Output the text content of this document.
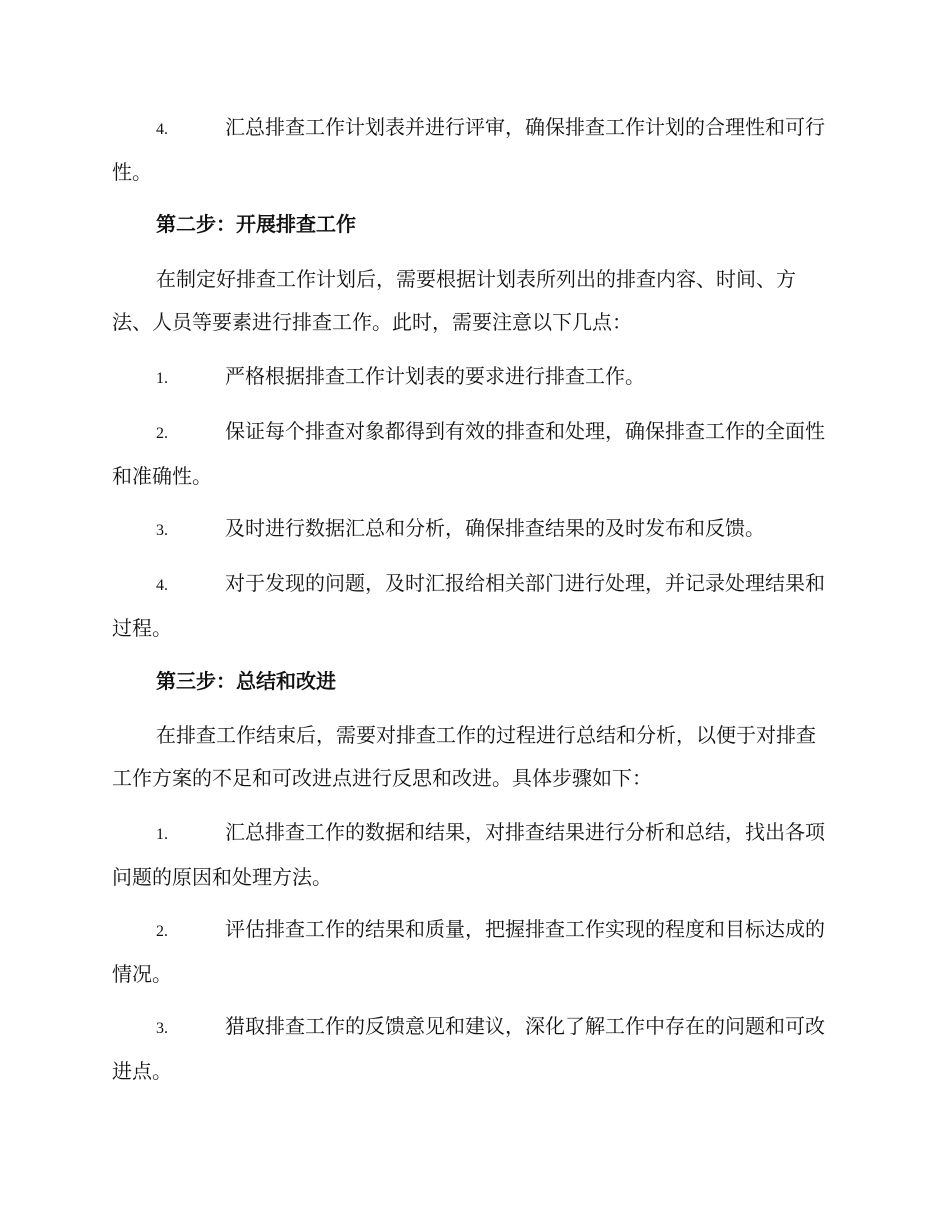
4.	汇总排查工作计划表并进行评审，确保排查工作计划的合理性和可行性。
第二步：开展排查工作
在制定好排查工作计划后，需要根据计划表所列出的排查内容、时间、方法、人员等要素进行排查工作。此时，需要注意以下几点：
1.	严格根据排查工作计划表的要求进行排查工作。
2.	保证每个排查对象都得到有效的排查和处理，确保排查工作的全面性和准确性。
3.	及时进行数据汇总和分析，确保排查结果的及时发布和反馈。
4.	对于发现的问题，及时汇报给相关部门进行处理，并记录处理结果和过程。
第三步：总结和改进
在排查工作结束后，需要对排查工作的过程进行总结和分析，以便于对排查工作方案的不足和可改进点进行反思和改进。具体步骤如下：
1.	汇总排查工作的数据和结果，对排查结果进行分析和总结，找出各项问题的原因和处理方法。
2.	评估排查工作的结果和质量，把握排查工作实现的程度和目标达成的情况。
3.	猎取排查工作的反馈意见和建议，深化了解工作中存在的问题和可改进点。
